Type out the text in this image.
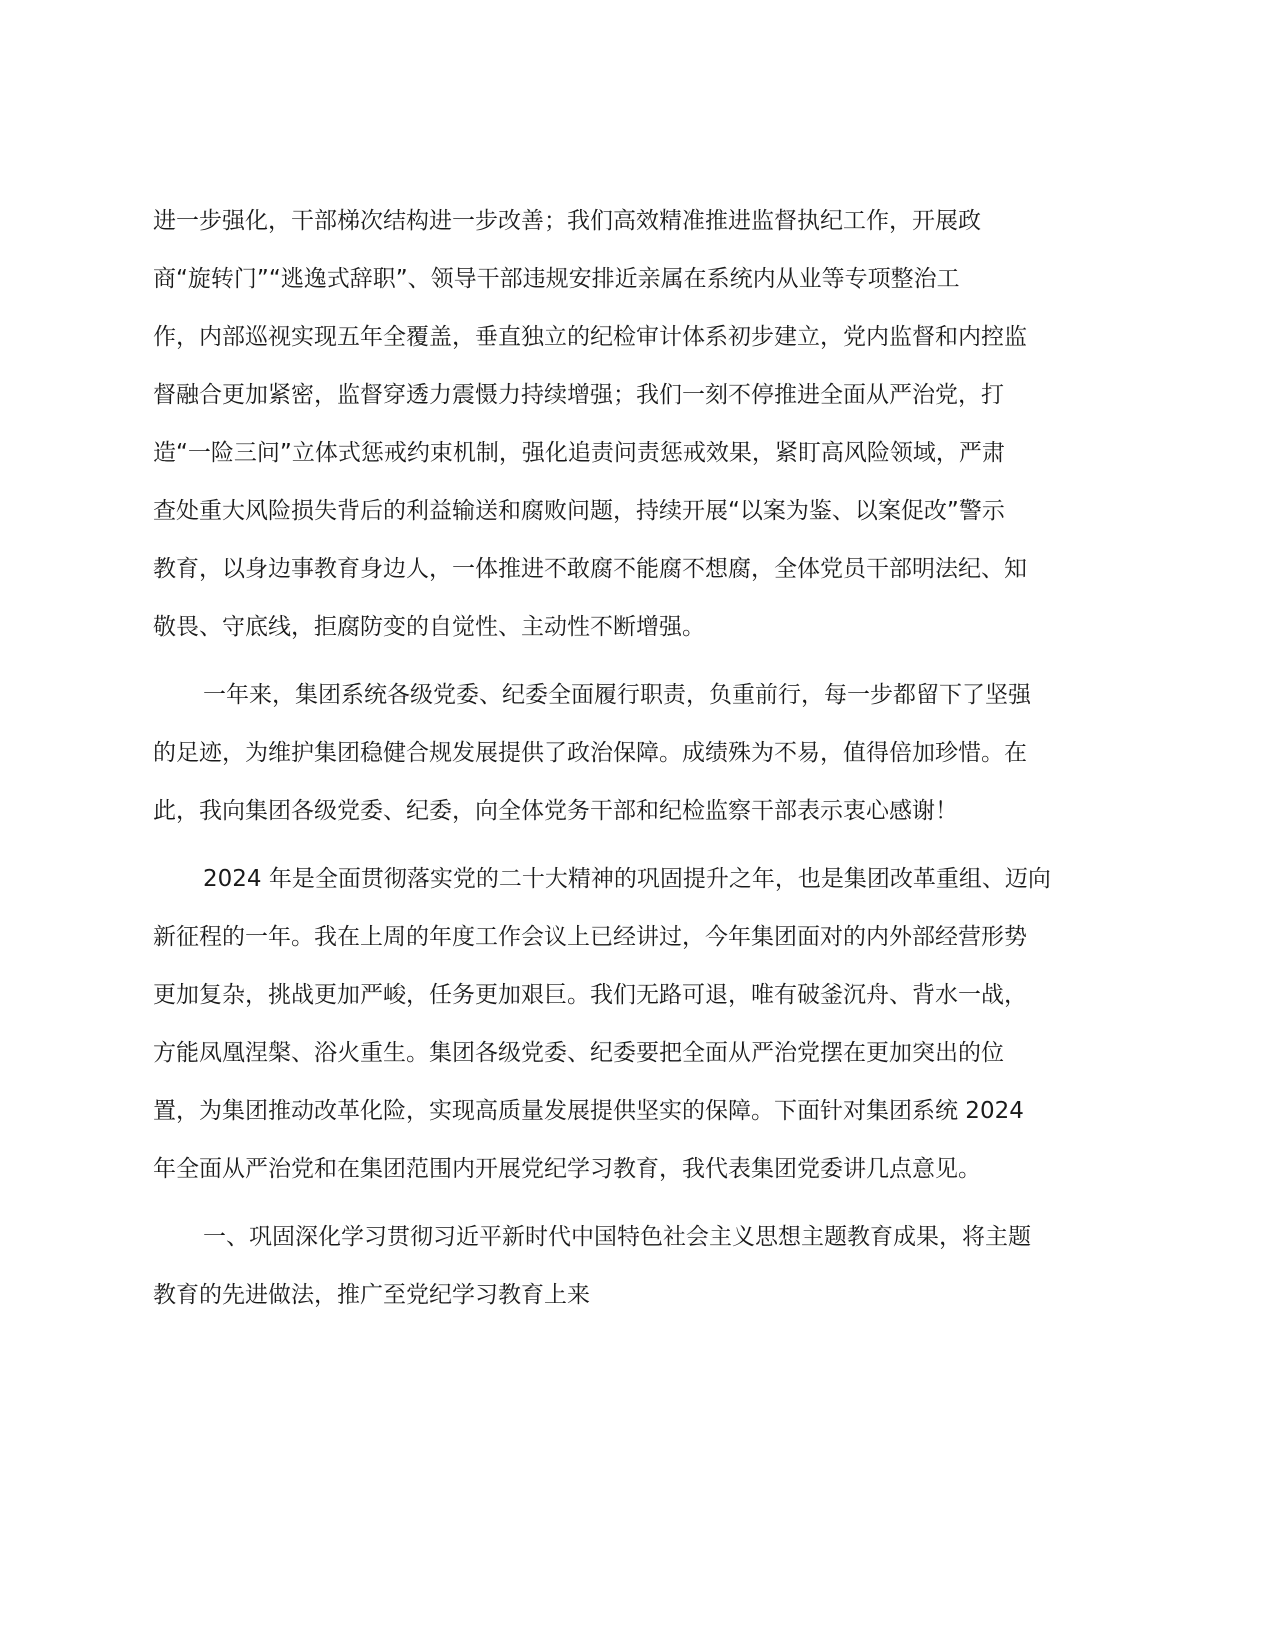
进一步强化，干部梯次结构进一步改善；我们高效精准推进监督执纪工作，开展政
商“旋转门”“逃逸式辞职”、领导干部违规安排近亲属在系统内从业等专项整治工
作，内部巡视实现五年全覆盖，垂直独立的纪检审计体系初步建立，党内监督和内控监
督融合更加紧密，监督穿透力震慑力持续增强；我们一刻不停推进全面从严治党，打
造“一险三问”立体式惩戒约束机制，强化追责问责惩戒效果，紧盯高风险领域，严肃
查处重大风险损失背后的利益输送和腐败问题，持续开展“以案为鉴、以案促改”警示
教育，以身边事教育身边人，一体推进不敢腐不能腐不想腐，全体党员干部明法纪、知
敬畏、守底线，拒腐防变的自觉性、主动性不断增强。
一年来，集团系统各级党委、纪委全面履行职责，负重前行，每一步都留下了坚强
的足迹，为维护集团稳健合规发展提供了政治保障。成绩殊为不易，值得倍加珍惜。在
此，我向集团各级党委、纪委，向全体党务干部和纪检监察干部表示衷心感谢！
2024 年是全面贯彻落实党的二十大精神的巩固提升之年，也是集团改革重组、迈向
新征程的一年。我在上周的年度工作会议上已经讲过，今年集团面对的内外部经营形势
更加复杂，挑战更加严峻，任务更加艰巨。我们无路可退，唯有破釜沉舟、背水一战，
方能凤凰涅槃、浴火重生。集团各级党委、纪委要把全面从严治党摆在更加突出的位
置，为集团推动改革化险，实现高质量发展提供坚实的保障。下面针对集团系统 2024
年全面从严治党和在集团范围内开展党纪学习教育，我代表集团党委讲几点意见。
一、巩固深化学习贯彻习近平新时代中国特色社会主义思想主题教育成果，将主题
教育的先进做法，推广至党纪学习教育上来
